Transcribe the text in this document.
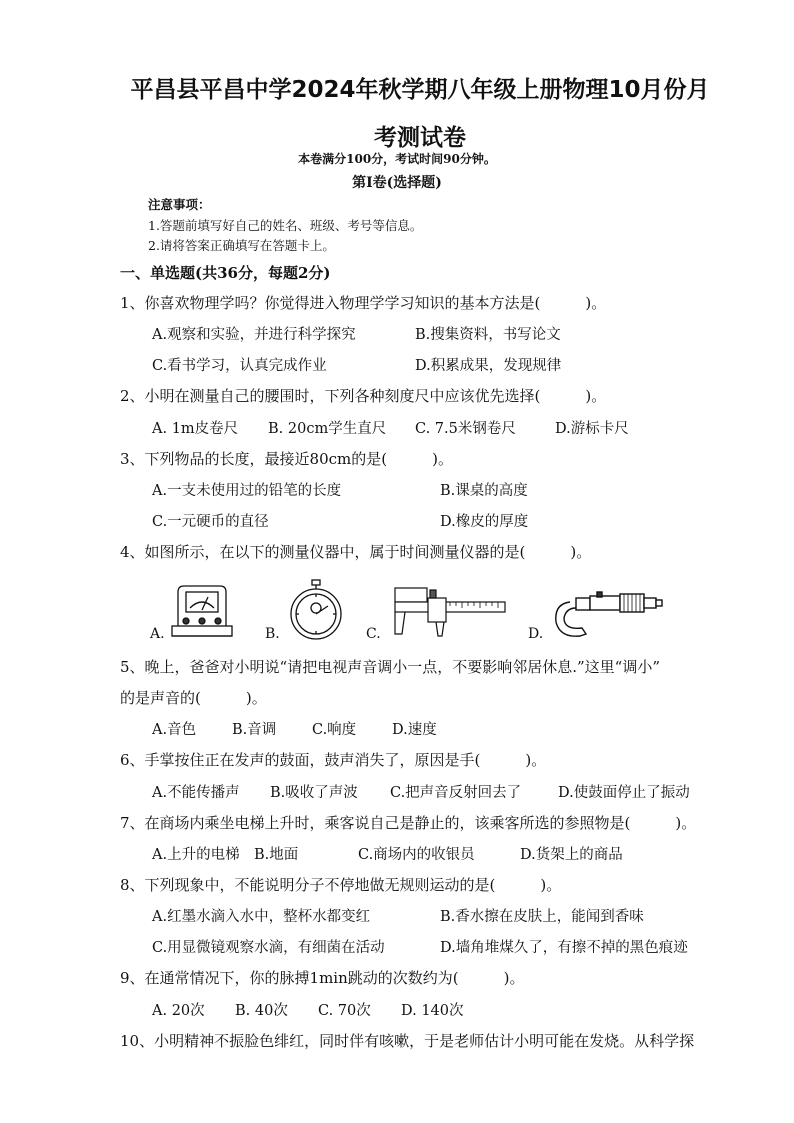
平昌县平昌中学2024年秋学期八年级上册物理10月份月
考测试卷
本卷满分100分，考试时间90分钟。
第I卷(选择题)
注意事项：
1.答题前填写好自己的姓名、班级、考号等信息。
2.请将答案正确填写在答题卡上。
一、单选题(共36分，每题2分)
1、你喜欢物理学吗？你觉得进入物理学学习知识的基本方法是(　　　)。
A.观察和实验，并进行科学探究	B.搜集资料，书写论文
C.看书学习，认真完成作业	D.积累成果，发现规律
2、小明在测量自己的腰围时，下列各种刻度尺中应该优先选择(　　　)。
A. 1m皮卷尺 B. 20cm学生直尺 C. 7.5米钢卷尺	D.游标卡尺
3、下列物品的长度，最接近80cm的是(　　　)。
A.一支未使用过的铅笔的长度	B.课桌的高度
C.一元硬币的直径	D.橡皮的厚度
4、如图所示，在以下的测量仪器中，属于时间测量仪器的是(　　　)。
A.	B.	C.	D.
5、晚上，爸爸对小明说“请把电视声音调小一点，不要影响邻居休息.”这里“调小”
的是声音的(　　　)。
A.音色 B.音调 C.响度 D.速度
6、手掌按住正在发声的鼓面，鼓声消失了，原因是手(　　　)。
A.不能传播声 B.吸收了声波 C.把声音反射回去了	D.使鼓面停止了振动
7、在商场内乘坐电梯上升时，乘客说自己是静止的，该乘客所选的参照物是(　　　)。
A.上升的电梯 B.地面	C.商场内的收银员	D.货架上的商品
8、下列现象中，不能说明分子不停地做无规则运动的是(　　　)。
A.红墨水滴入水中，整杯水都变红	B.香水擦在皮肤上，能闻到香味
C.用显微镜观察水滴，有细菌在活动	D.墙角堆煤久了，有擦不掉的黑色痕迹
9、在通常情况下，你的脉搏1min跳动的次数约为(　　　)。
A. 20次 B. 40次 C. 70次 D. 140次
10、小明精神不振脸色绯红，同时伴有咳嗽，于是老师估计小明可能在发烧。从科学探
